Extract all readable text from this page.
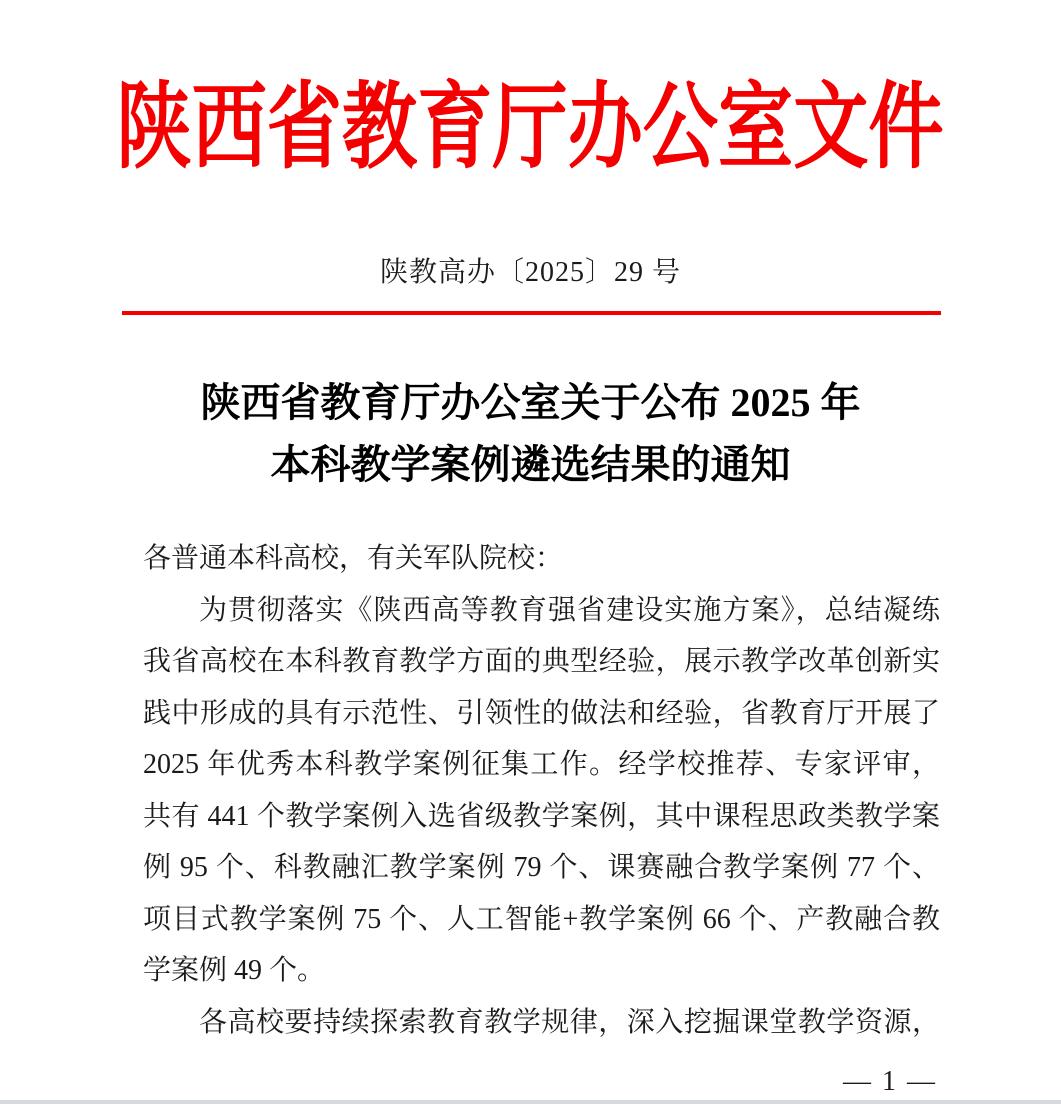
陕西省教育厅办公室文件
陕教高办〔2025〕29 号
陕西省教育厅办公室关于公布 2025 年
本科教学案例遴选结果的通知
各普通本科高校，有关军队院校：
为贯彻落实《陕西高等教育强省建设实施方案》，总结凝练
我省高校在本科教育教学方面的典型经验，展示教学改革创新实
践中形成的具有示范性、引领性的做法和经验，省教育厅开展了
2025 年优秀本科教学案例征集工作。经学校推荐、专家评审，
共有 441 个教学案例入选省级教学案例，其中课程思政类教学案
例 95 个、科教融汇教学案例 79 个、课赛融合教学案例 77 个、
项目式教学案例 75 个、人工智能+教学案例 66 个、产教融合教
学案例 49 个。
各高校要持续探索教育教学规律，深入挖掘课堂教学资源，
— 1 —
